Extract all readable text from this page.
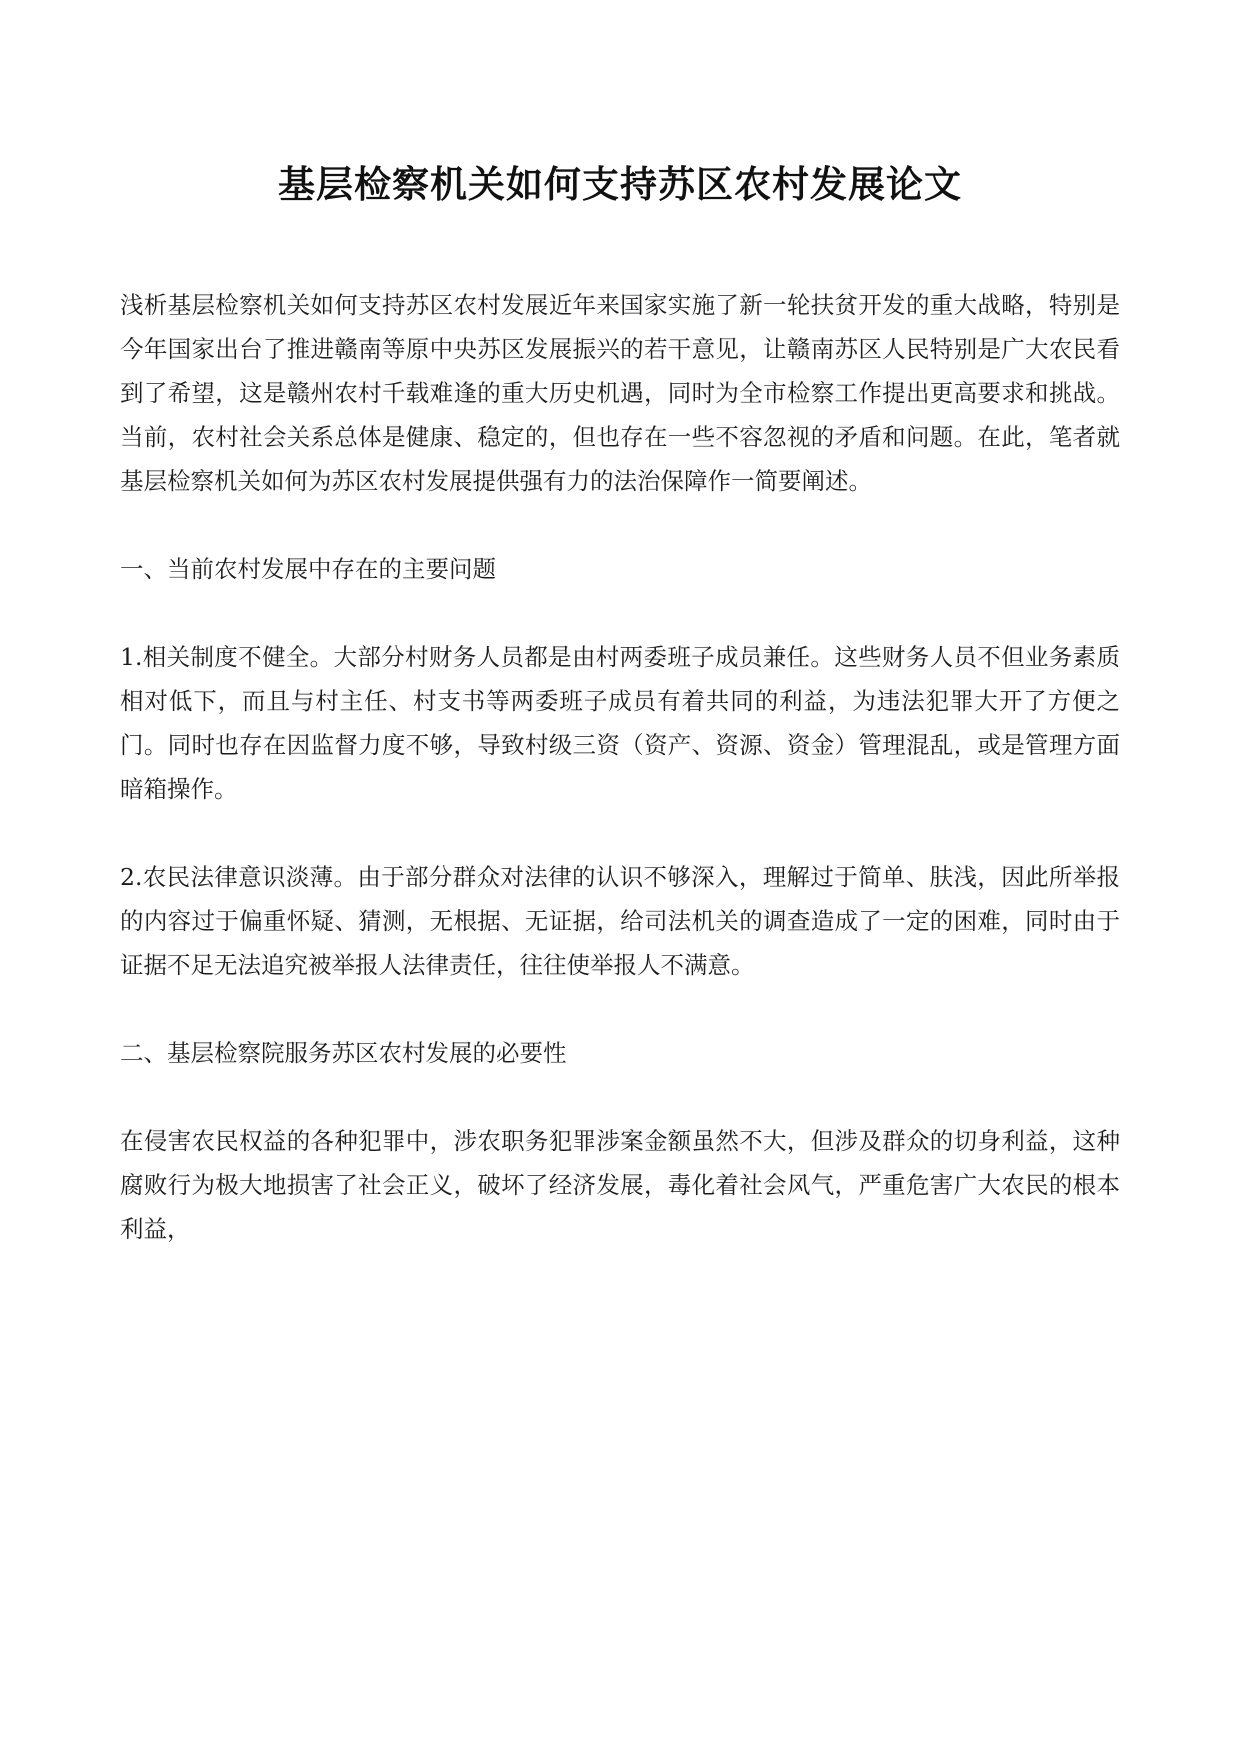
基层检察机关如何支持苏区农村发展论文

浅析基层检察机关如何支持苏区农村发展近年来国家实施了新一轮扶贫开发的重大战略，特别是今年国家出台了推进赣南等原中央苏区发展振兴的若干意见，让赣南苏区人民特别是广大农民看到了希望，这是赣州农村千载难逢的重大历史机遇，同时为全市检察工作提出更高要求和挑战。当前，农村社会关系总体是健康、稳定的，但也存在一些不容忽视的矛盾和问题。在此，笔者就基层检察机关如何为苏区农村发展提供强有力的法治保障作一简要阐述。

一、当前农村发展中存在的主要问题

1.相关制度不健全。大部分村财务人员都是由村两委班子成员兼任。这些财务人员不但业务素质相对低下，而且与村主任、村支书等两委班子成员有着共同的利益，为违法犯罪大开了方便之门。同时也存在因监督力度不够，导致村级三资（资产、资源、资金）管理混乱，或是管理方面暗箱操作。

2.农民法律意识淡薄。由于部分群众对法律的认识不够深入，理解过于简单、肤浅，因此所举报的内容过于偏重怀疑、猜测，无根据、无证据，给司法机关的调查造成了一定的困难，同时由于证据不足无法追究被举报人法律责任，往往使举报人不满意。

二、基层检察院服务苏区农村发展的必要性

在侵害农民权益的各种犯罪中，涉农职务犯罪涉案金额虽然不大，但涉及群众的切身利益，这种腐败行为极大地损害了社会正义，破坏了经济发展，毒化着社会风气，严重危害广大农民的根本利益，
